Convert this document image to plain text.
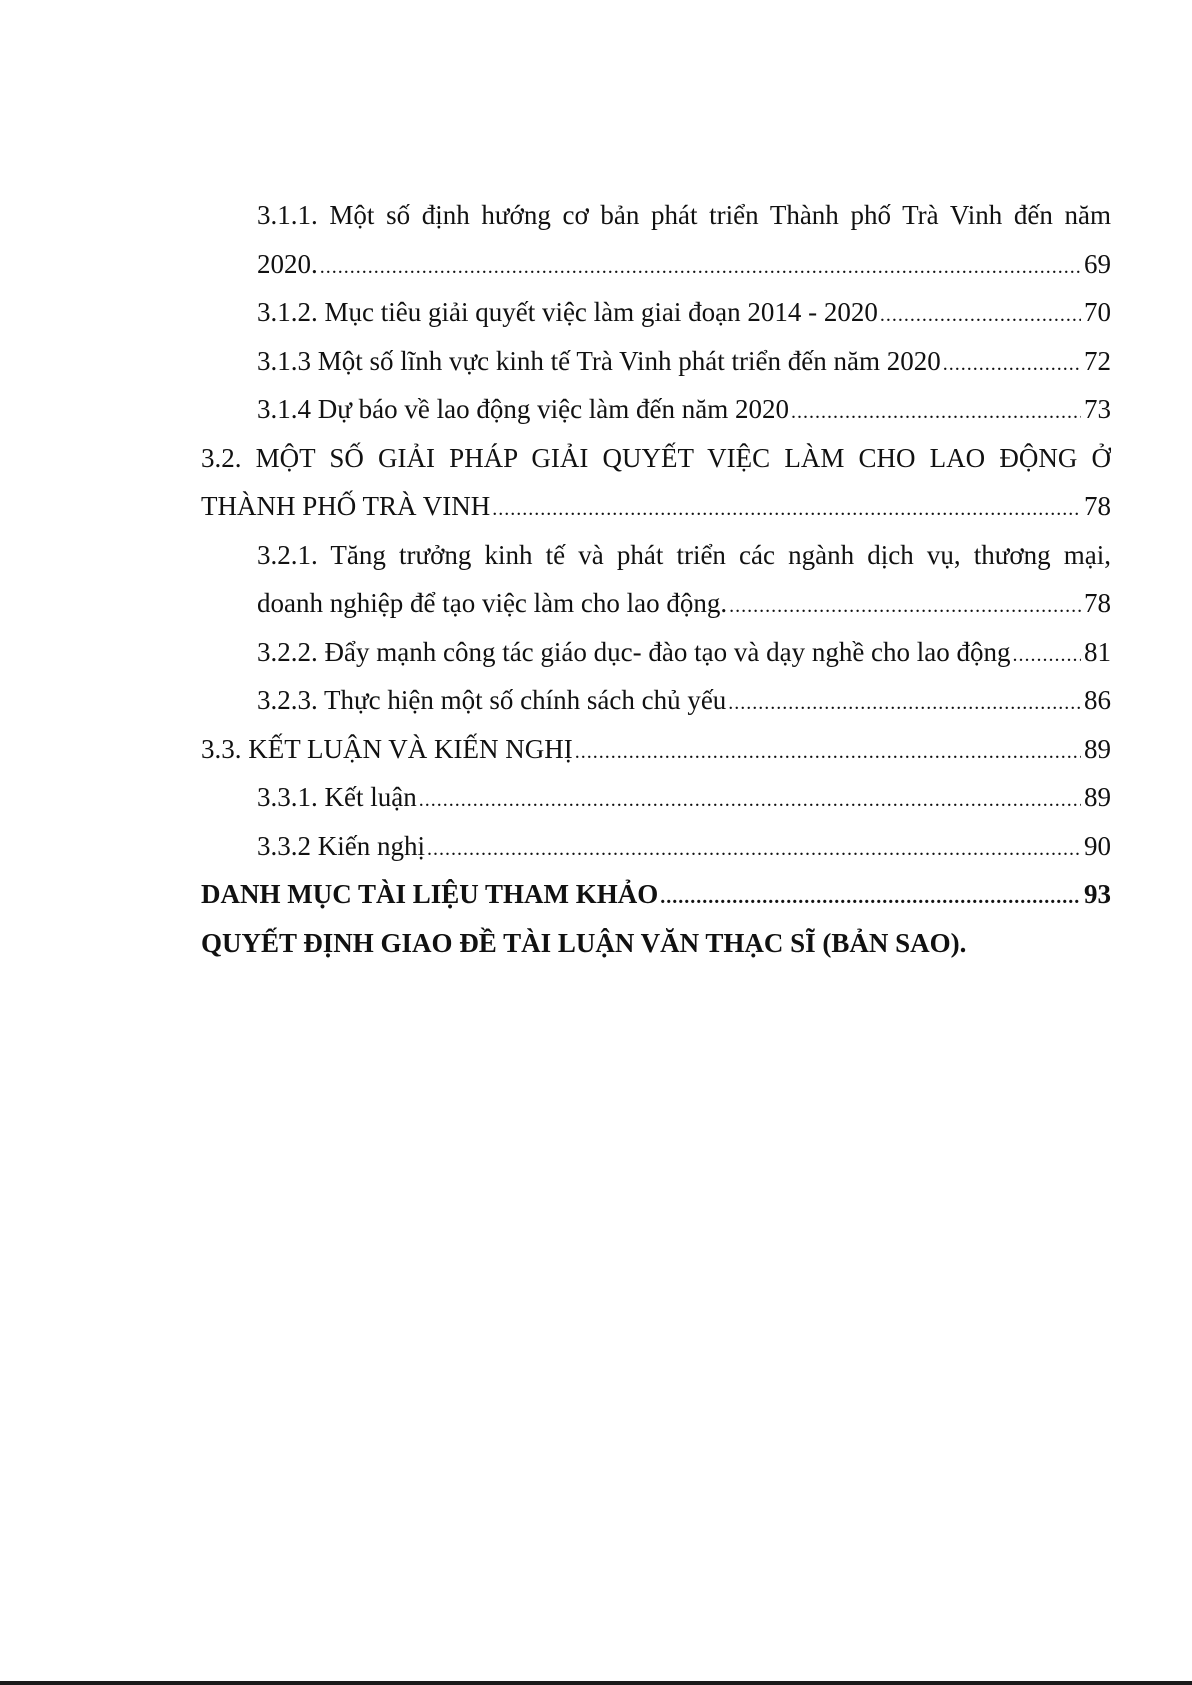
3.1.1. Một số định hướng cơ bản phát triển Thành phố Trà Vinh đến năm
2020. .....	69
3.1.2. Mục tiêu giải quyết việc làm giai đoạn 2014 - 2020 .....	70
3.1.3 Một số lĩnh vực kinh tế Trà Vinh phát triển đến năm 2020 .....	72
3.1.4 Dự báo về lao động việc làm đến năm 2020 .....	73
3.2. MỘT SỐ GIẢI PHÁP GIẢI QUYẾT VIỆC LÀM CHO LAO ĐỘNG Ở
THÀNH PHỐ TRÀ VINH .....	78
3.2.1. Tăng trưởng kinh tế và phát triển các ngành dịch vụ, thương mại,
doanh nghiệp để tạo việc làm cho lao động. .....	78
3.2.2. Đẩy mạnh công tác giáo dục- đào tạo và dạy nghề cho lao động .....	81
3.2.3. Thực hiện một số chính sách chủ yếu .....	86
3.3. KẾT LUẬN VÀ KIẾN NGHỊ .....	89
3.3.1. Kết luận .....	89
3.3.2 Kiến nghị .....	90
DANH MỤC TÀI LIỆU THAM KHẢO .....	93
QUYẾT ĐỊNH GIAO ĐỀ TÀI LUẬN VĂN THẠC SĨ (BẢN SAO).
